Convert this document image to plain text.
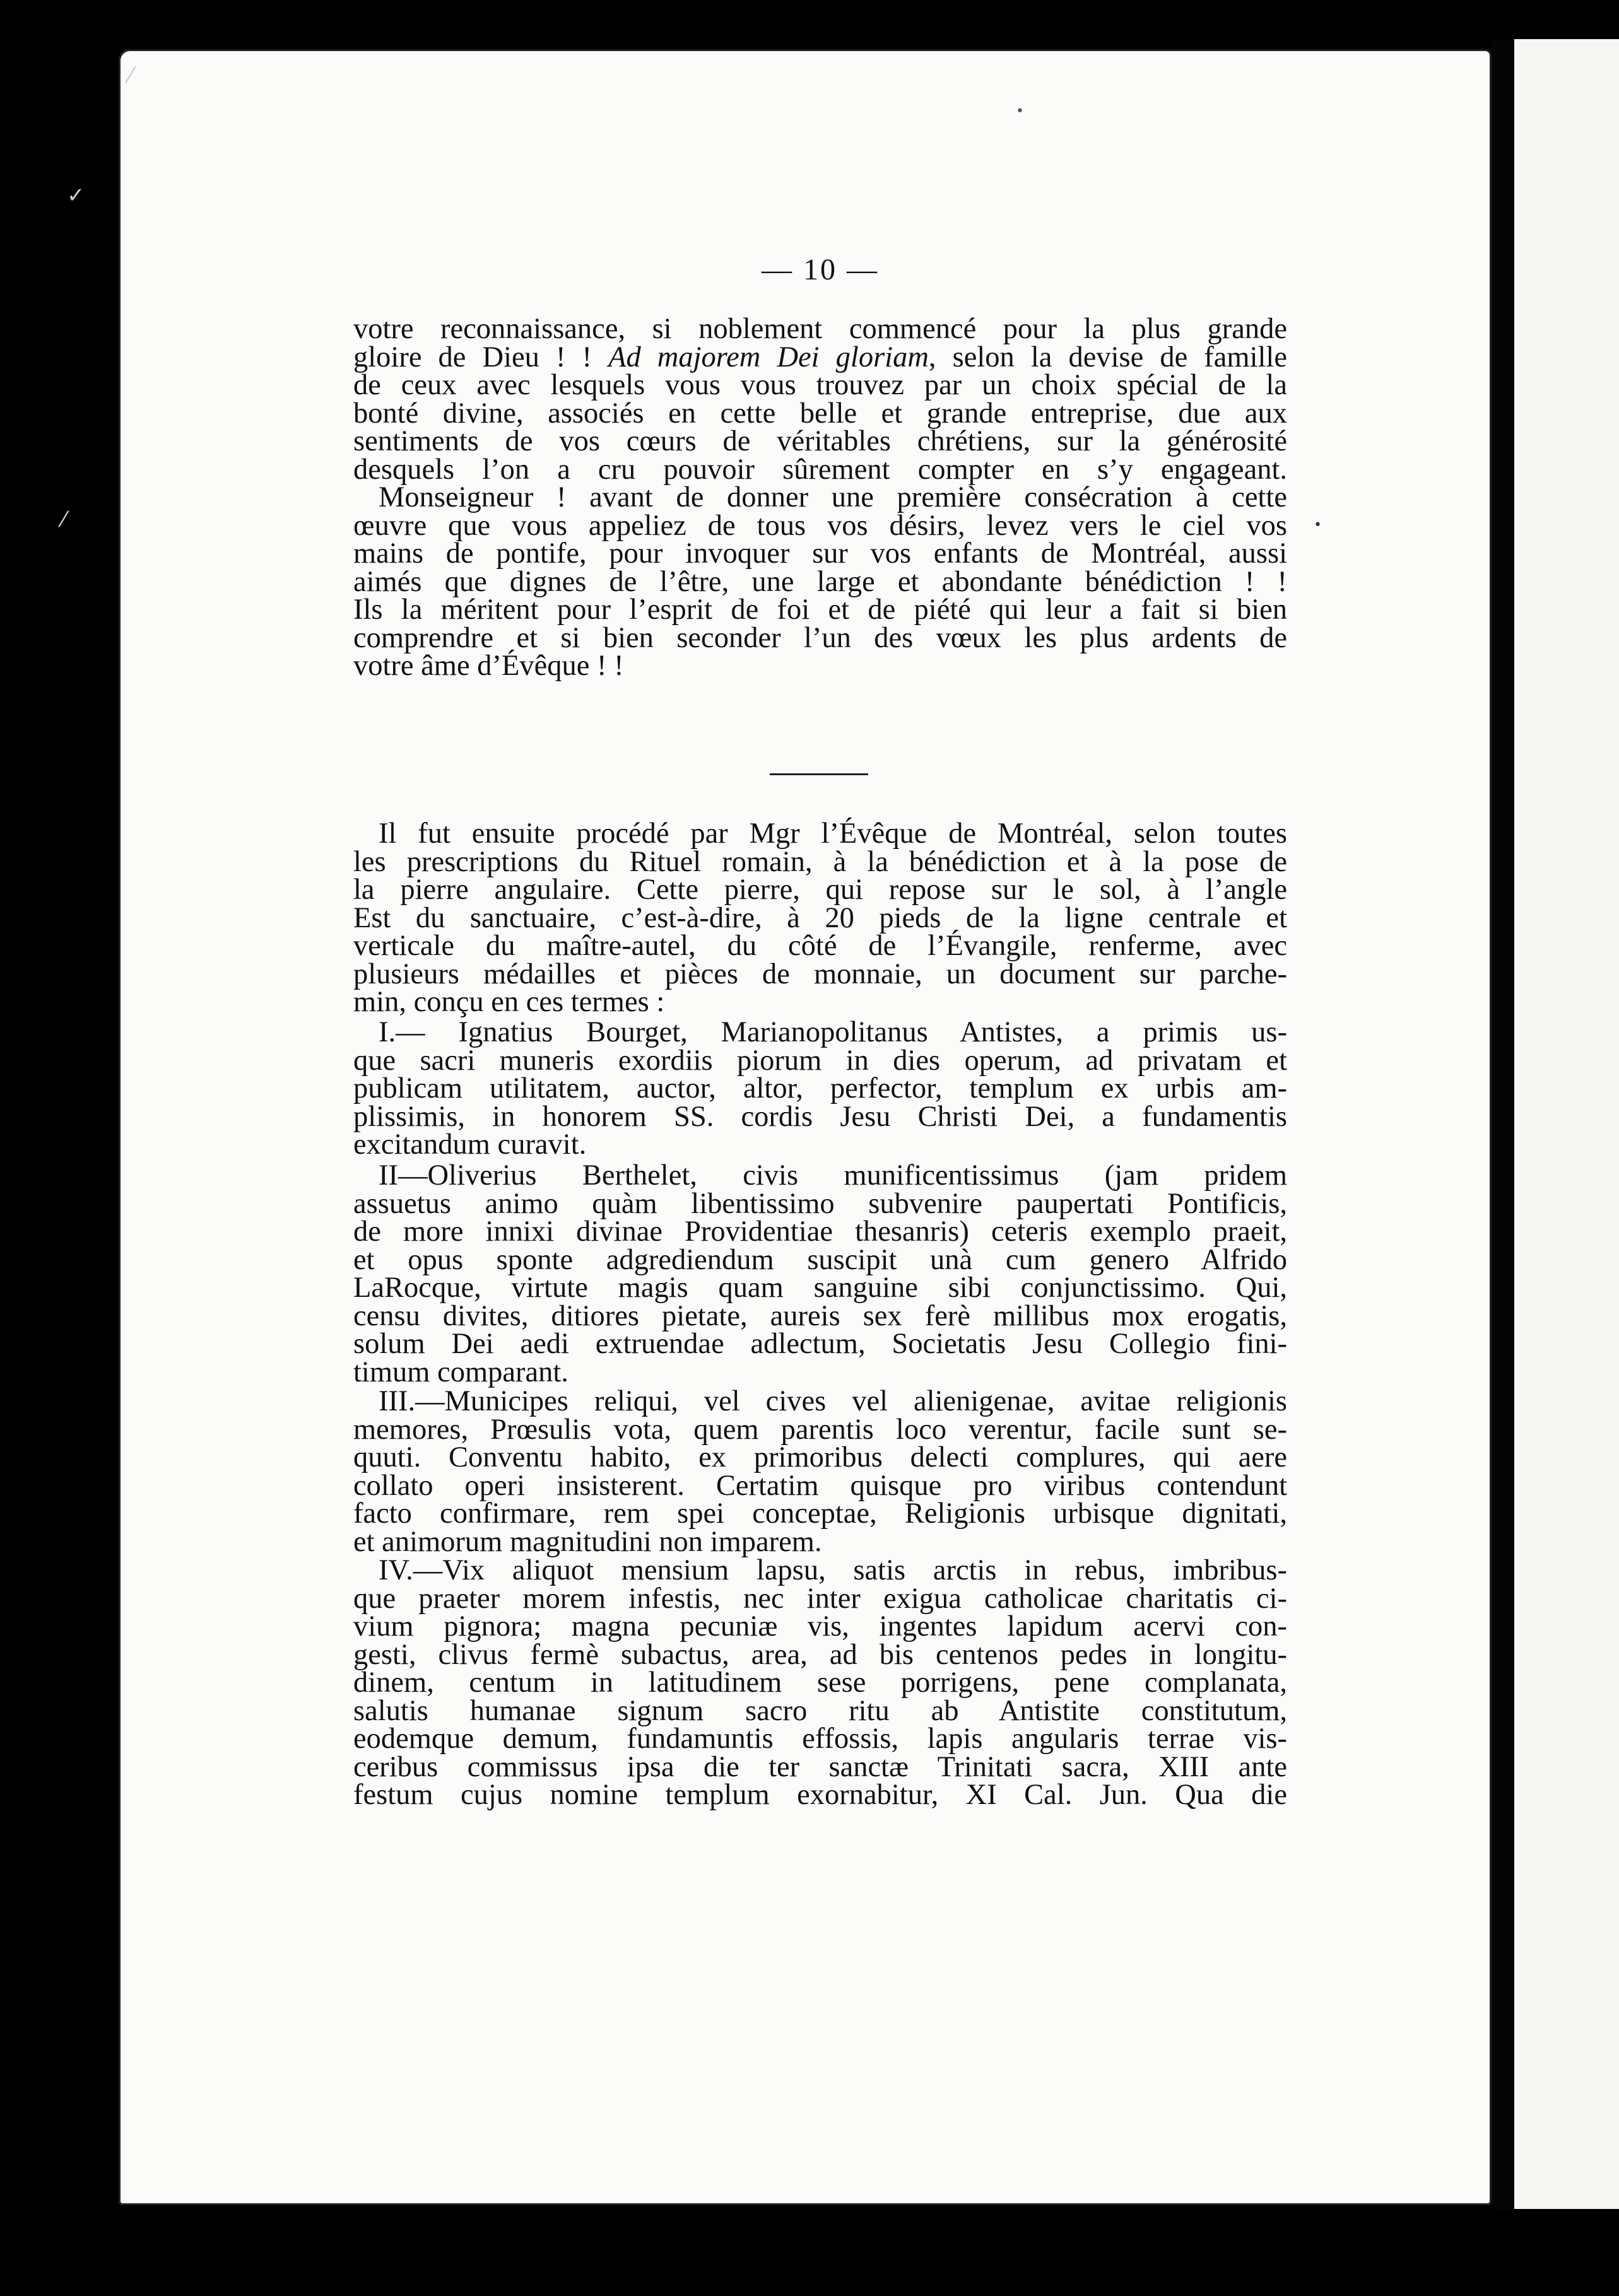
⁄
✓
⁄
•
•
— 10 —
votre reconnaissance, si noblement commencé pour la plus grande
gloire de Dieu ! ! Ad majorem Dei gloriam, selon la devise de famille
de ceux avec lesquels vous vous trouvez par un choix spécial de la
bonté divine, associés en cette belle et grande entreprise, due aux
sentiments de vos cœurs de véritables chrétiens, sur la générosité
desquels l’on a cru pouvoir sûrement compter en s’y engageant.
Monseigneur ! avant de donner une première consécration à cette
œuvre que vous appeliez de tous vos désirs, levez vers le ciel vos
mains de pontife, pour invoquer sur vos enfants de Montréal, aussi
aimés que dignes de l’être, une large et abondante bénédiction ! !
Ils la méritent pour l’esprit de foi et de piété qui leur a fait si bien
comprendre et si bien seconder l’un des vœux les plus ardents de
votre âme d’Évêque ! !
Il fut ensuite procédé par Mgr l’Évêque de Montréal, selon toutes
les prescriptions du Rituel romain, à la bénédiction et à la pose de
la pierre angulaire. Cette pierre, qui repose sur le sol, à l’angle
Est du sanctuaire, c’est-à-dire, à 20 pieds de la ligne centrale et
verticale du maître-autel, du côté de l’Évangile, renferme, avec
plusieurs médailles et pièces de monnaie, un document sur parche-
min, conçu en ces termes :
I.— Ignatius Bourget, Marianopolitanus Antistes, a primis us-
que sacri muneris exordiis piorum in dies operum, ad privatam et
publicam utilitatem, auctor, altor, perfector, templum ex urbis am-
plissimis, in honorem SS. cordis Jesu Christi Dei, a fundamentis
excitandum curavit.
II—Oliverius Berthelet, civis munificentissimus (jam pridem
assuetus animo quàm libentissimo subvenire paupertati Pontificis,
de more innixi divinae Providentiae thesanris) ceteris exemplo praeit,
et opus sponte adgrediendum suscipit unà cum genero Alfrido
LaRocque, virtute magis quam sanguine sibi conjunctissimo. Qui,
censu divites, ditiores pietate, aureis sex ferè millibus mox erogatis,
solum Dei aedi extruendae adlectum, Societatis Jesu Collegio fini-
timum comparant.
III.—Municipes reliqui, vel cives vel alienigenae, avitae religionis
memores, Prœsulis vota, quem parentis loco verentur, facile sunt se-
quuti. Conventu habito, ex primoribus delecti complures, qui aere
collato operi insisterent. Certatim quisque pro viribus contendunt
facto confirmare, rem spei conceptae, Religionis urbisque dignitati,
et animorum magnitudini non imparem.
IV.—Vix aliquot mensium lapsu, satis arctis in rebus, imbribus-
que praeter morem infestis, nec inter exigua catholicae charitatis ci-
vium pignora; magna pecuniæ vis, ingentes lapidum acervi con-
gesti, clivus fermè subactus, area, ad bis centenos pedes in longitu-
dinem, centum in latitudinem sese porrigens, pene complanata,
salutis humanae signum sacro ritu ab Antistite constitutum,
eodemque demum, fundamuntis effossis, lapis angularis terrae vis-
ceribus commissus ipsa die ter sanctæ Trinitati sacra, XIII ante
festum cujus nomine templum exornabitur, XI Cal. Jun. Qua die
